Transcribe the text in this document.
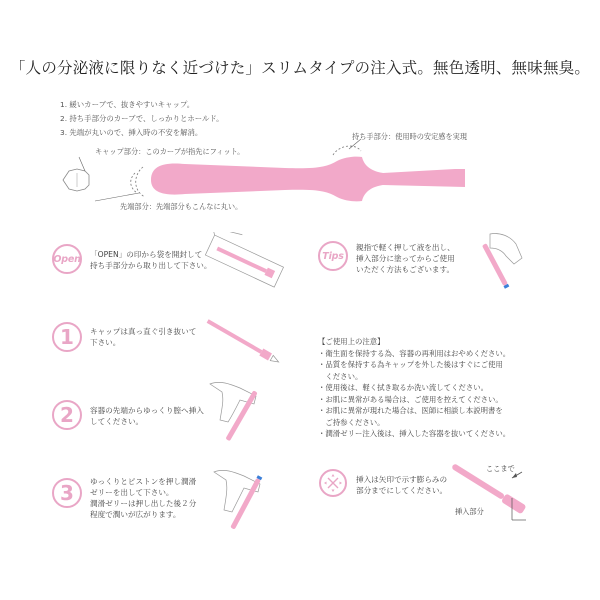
「人の分泌液に限りなく近づけた」スリムタイプの注入式。無色透明、無味無臭。
1. 緩いカーブで、抜きやすいキャップ。
2. 持ち手部分のカーブで、しっかりとホールド。
3. 先端が丸いので、挿入時の不安を解消。
キャップ部分：このカーブが指先にフィット。
持ち手部分：使用時の安定感を実現
先端部分：先端部分もこんなに丸い。
Open 「OPEN」の印から袋を開封して
持ち手部分から取り出して下さい。
1	キャップは真っ直ぐ引き抜いて
下さい。
2	容器の先端からゆっくり膣へ挿入
してください。
3	ゆっくりとピストンを押し潤滑
ゼリーを出して下さい。
潤滑ゼリーは押し出した後２分
程度で潤いが広がります。
Tips
親指で軽く押して液を出し、
挿入部分に塗ってからご使用
いただく方法もございます。
【ご使用上の注意】
・衛生面を保持する為、容器の再利用はおやめください。
・品質を保持する為キャップを外した後はすぐにご使用
　ください。
・使用後は、軽く拭き取るか洗い流してください。
・お肌に異常がある場合は、ご使用を控えてください。
・お肌に異常が現れた場合は、医師に相談し本説明書を
　ご持参ください。
・潤滑ゼリー注入後は、挿入した容器を抜いてください。
挿入は矢印で示す膨らみの
部分までにしてください。
ここまで
挿入部分
